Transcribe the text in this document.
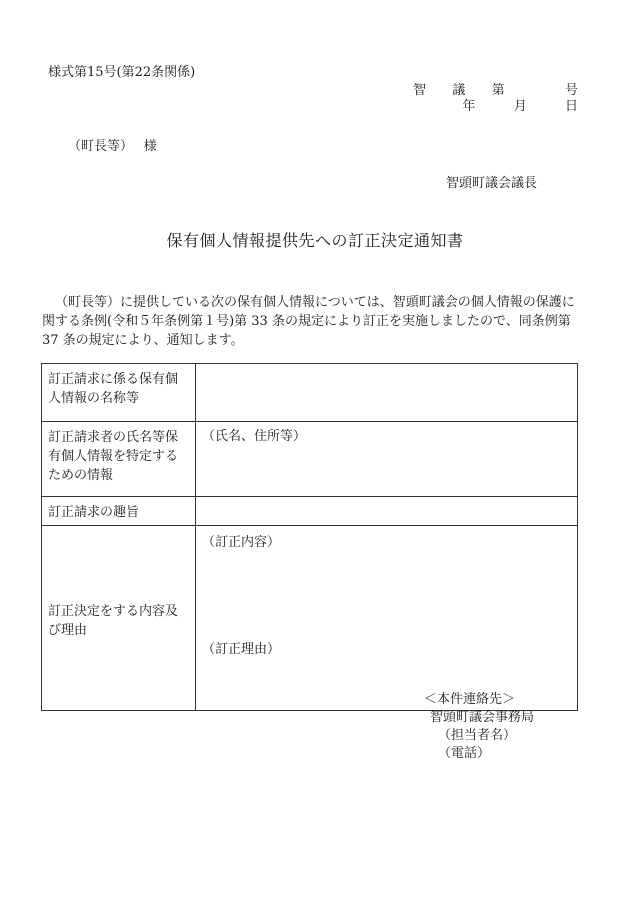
様式第15号(第22条関係)
智 議 第	号
年	月	日
（町長等）　 様
智頭町議会議長
保有個人情報提供先への訂正決定通知書
（町長等）に提供している次の保有個人情報については、智頭町議会の個人情報の保護に関する条例(令和５年条例第１号)第 33 条の規定により訂正を実施しましたので、同条例第 37 条の規定により、通知します。
訂正請求に係る保有個人情報の名称等	
訂正請求者の氏名等保有個人情報を特定するための情報	（氏名、住所等）
訂正請求の趣旨	
訂正決定をする内容及び理由	（訂正内容）
（訂正理由）
＜本件連絡先＞
智頭町議会事務局
（担当者名）
（電話）
